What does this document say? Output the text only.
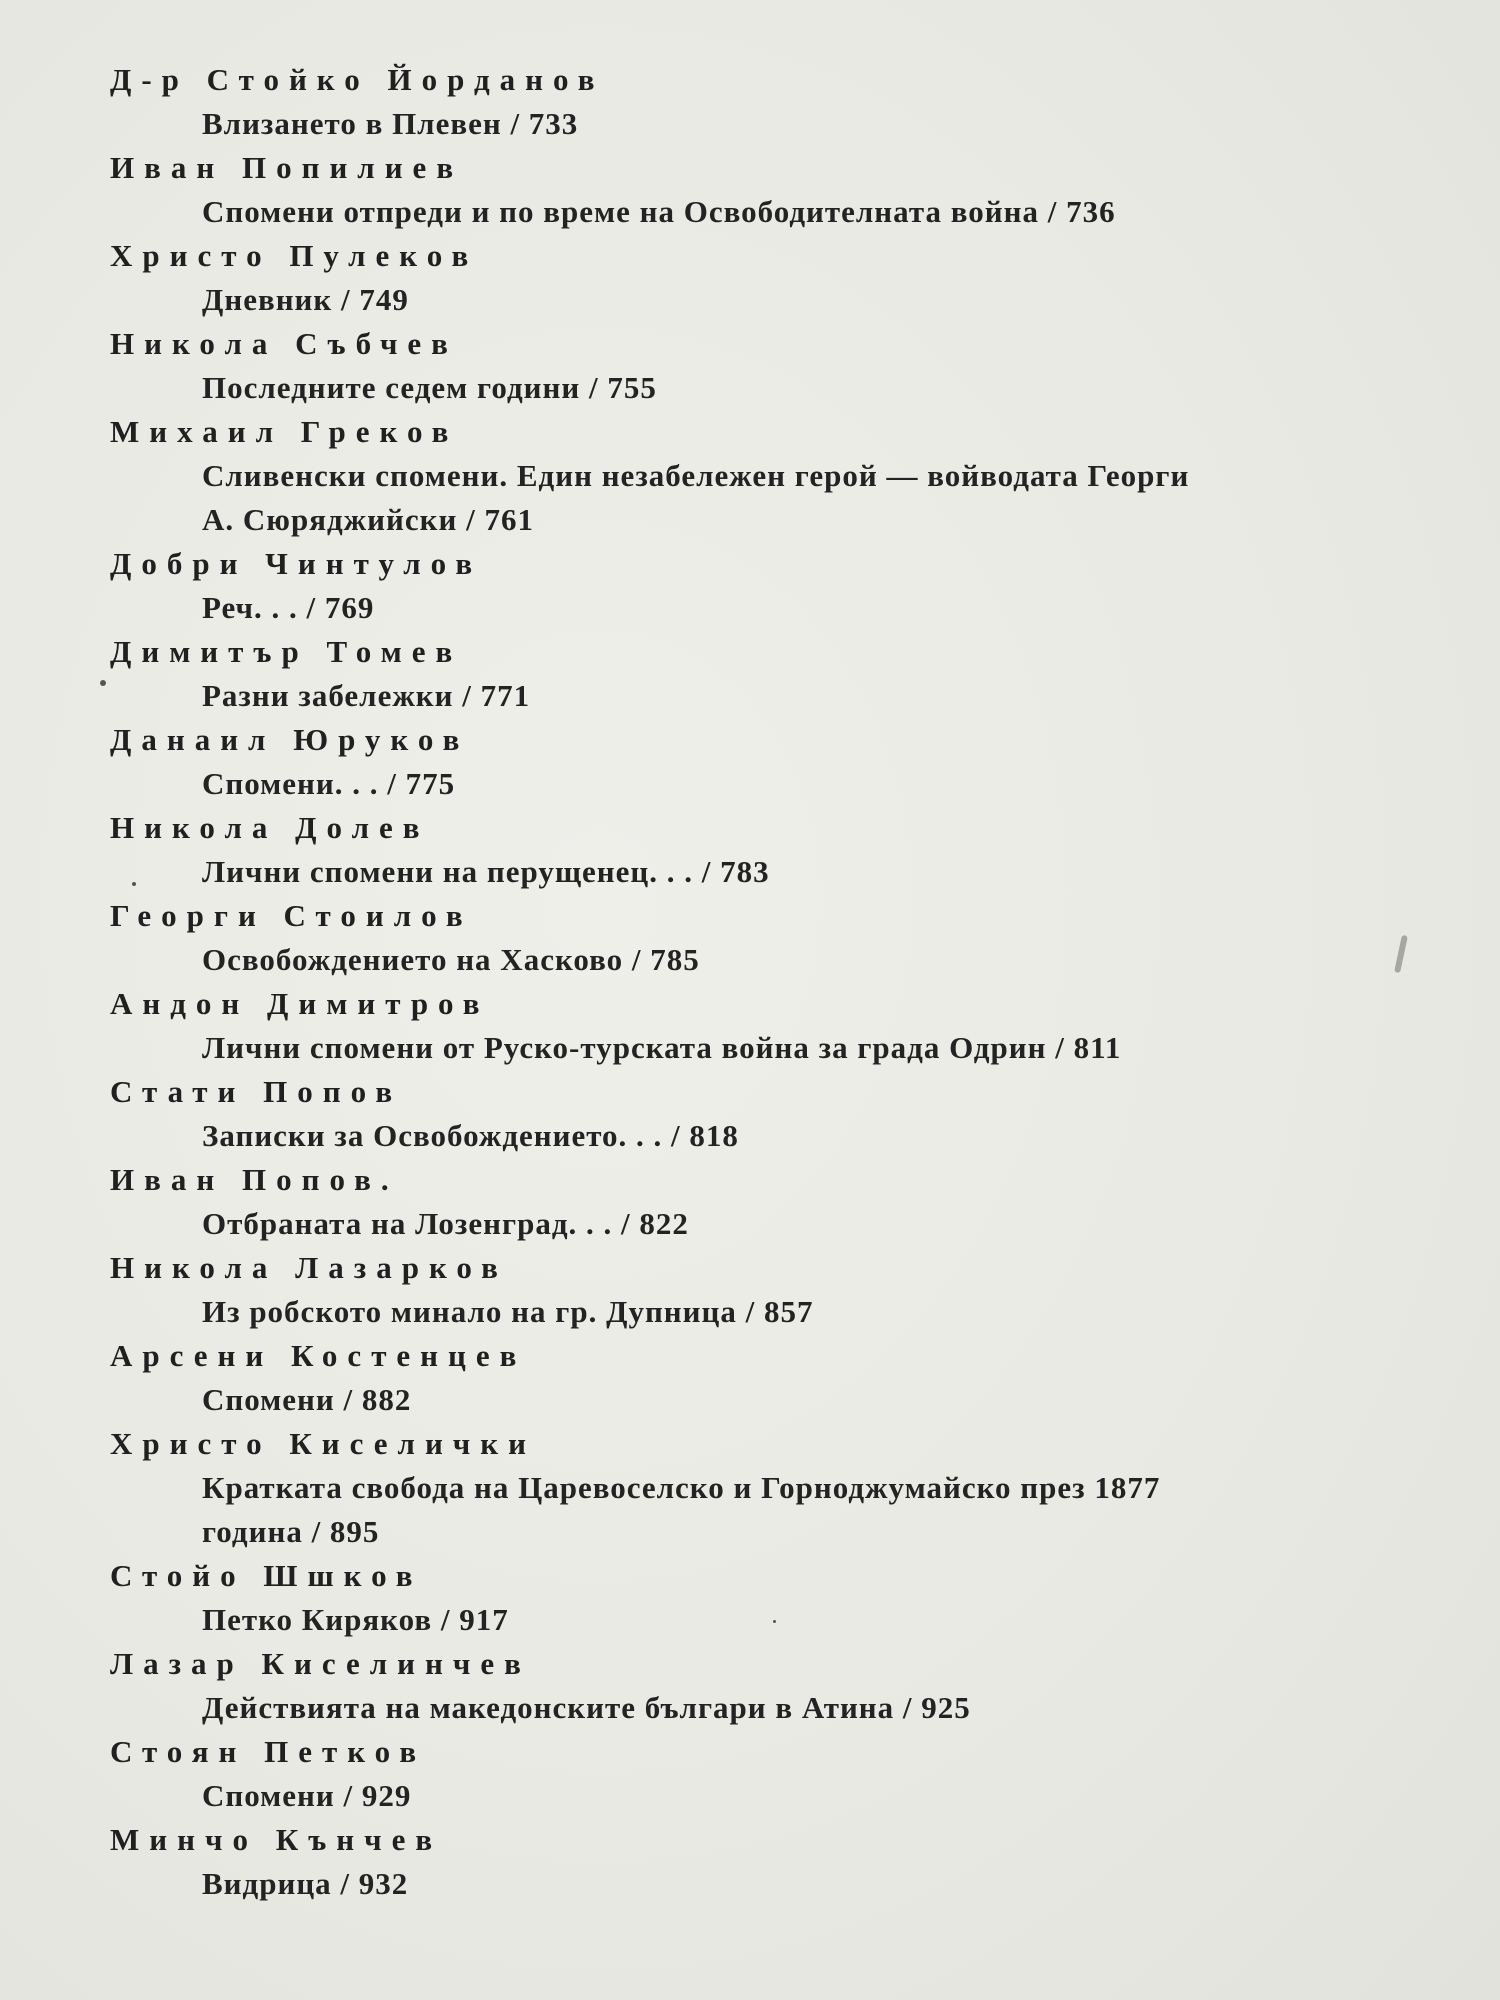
Д-р Стойко Йорданов
Влизането в Плевен / 733
Иван Попилиев
Спомени отпреди и по време на Освободителната война / 736
Христо Пулеков
Дневник / 749
Никола Събчев
Последните седем години / 755
Михаил Греков
Сливенски спомени. Един незабележен герой — войводата Георги
А. Сюряджийски / 761
Добри Чинтулов
Реч. . . / 769
Димитър Томев
Разни забележки / 771
Данаил Юруков
Спомени. . . / 775
Никола Долев
Лични спомени на перущенец. . . / 783
Георги Стоилов
Освобождението на Хасково / 785
Андон Димитров
Лични спомени от Руско-турската война за града Одрин / 811
Стати Попов
Записки за Освобождението. . . / 818
Иван Попов.
Отбраната на Лозенград. . . / 822
Никола Лазарков
Из робското минало на гр. Дупница / 857
Арсени Костенцев
Спомени / 882
Христо Киселички
Кратката свобода на Царевоселско и Горноджумайско през 1877
година / 895
Стойо Шшков
Петко Киряков / 917
Лазар Киселинчев
Действията на македонските българи в Атина / 925
Стоян Петков
Спомени / 929
Минчо Кънчев
Видрица / 932
